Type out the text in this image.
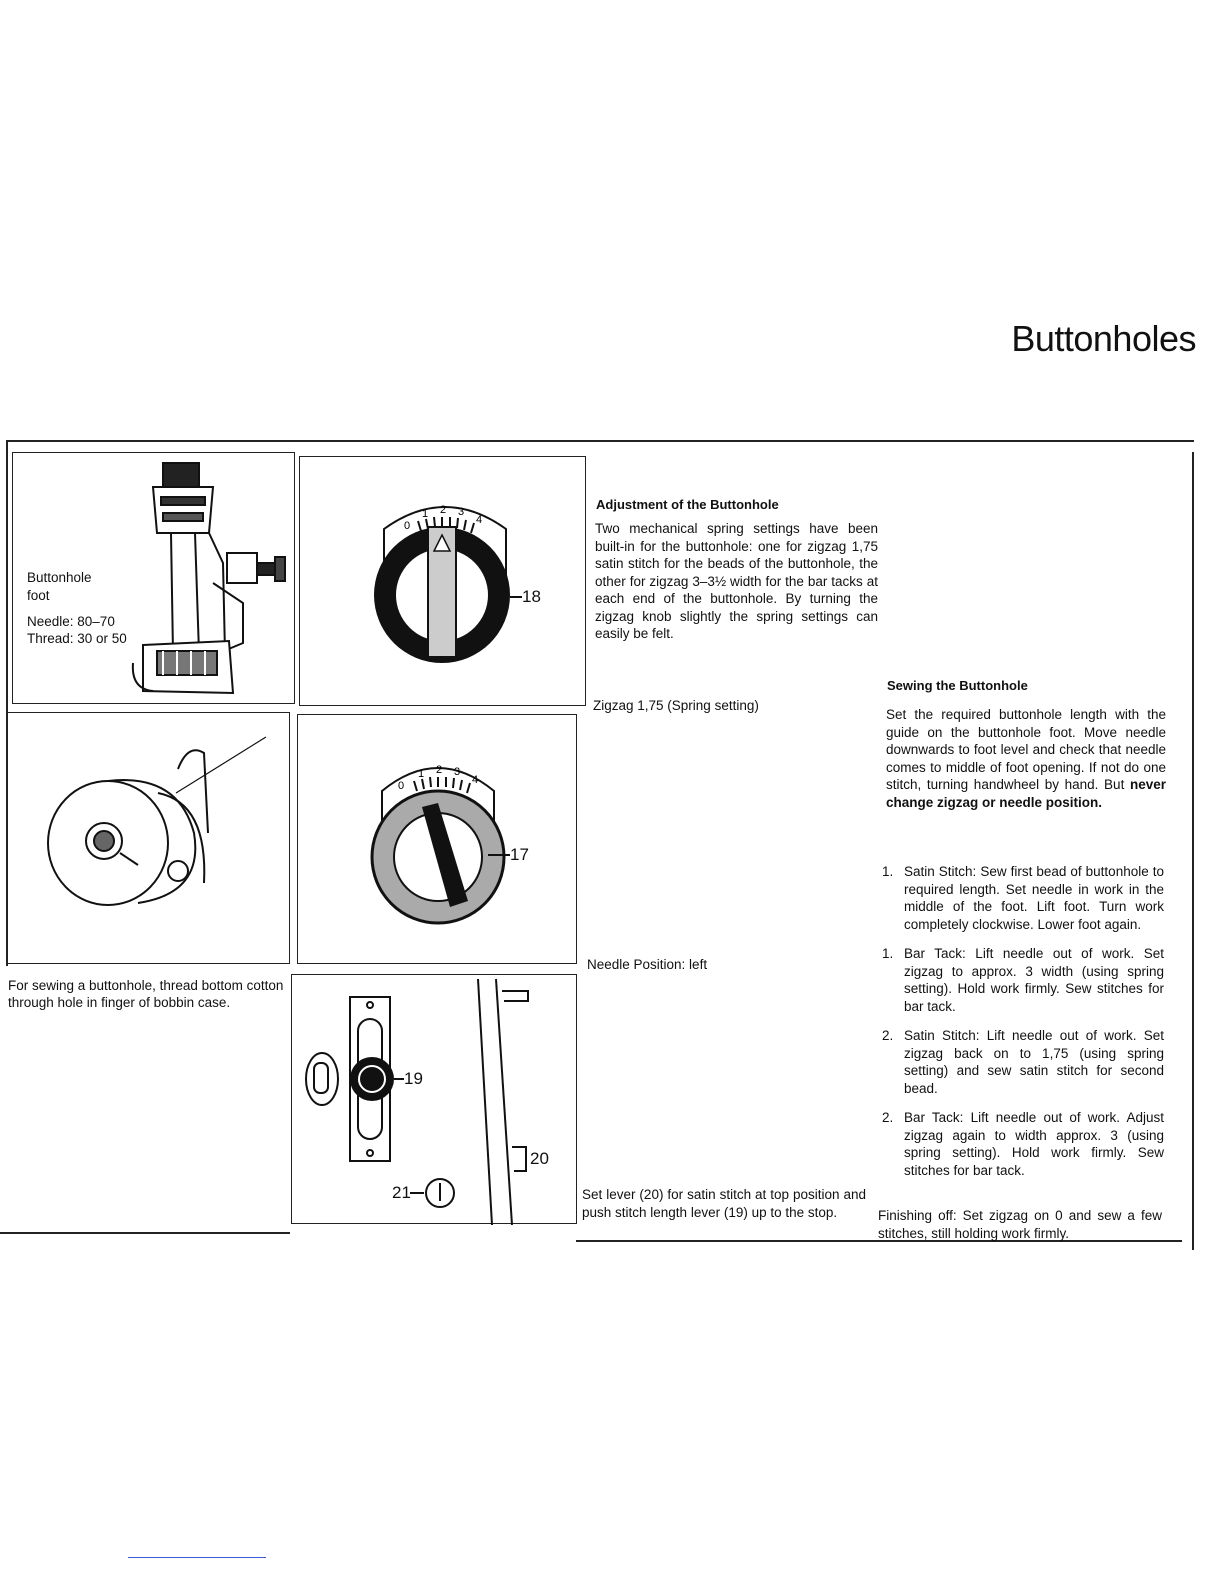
Buttonholes
Buttonhole
foot
Needle: 80–70
Thread: 30 or 50
0
1 2 3
4
18
0
1 2 3
4
17
For sewing a buttonhole, thread bottom cotton through hole in finger of bobbin case.
19
20
21
Zigzag 1,75 (Spring setting)
Needle Position: left
Set lever (20) for satin stitch at top position and push stitch length lever (19) up to the stop.
Adjustment of the Buttonhole
Two mechanical spring settings have been built-in for the buttonhole: one for zigzag 1,75 satin stitch for the beads of the buttonhole, the other for zigzag 3–3½ width for the bar tacks at each end of the buttonhole. By turning the zigzag knob slightly the spring settings can easily be felt.
Sewing the Buttonhole
Set the required buttonhole length with the guide on the buttonhole foot. Move needle downwards to foot level and check that needle comes to middle of foot opening. If not do one stitch, turning handwheel by hand. But never change zigzag or needle position.
1. Satin Stitch: Sew first bead of buttonhole to required length. Set needle in work in the middle of the foot. Lift foot. Turn work completely clockwise. Lower foot again.
1. Bar Tack: Lift needle out of work. Set zigzag to approx. 3 width (using spring setting). Hold work firmly. Sew stitches for bar tack.
2. Satin Stitch: Lift needle out of work. Set zigzag back on to 1,75 (using spring setting) and sew satin stitch for second bead.
2. Bar Tack: Lift needle out of work. Adjust zigzag again to width approx. 3 (using spring setting). Hold work firmly. Sew stitches for bar tack.
Finishing off: Set zigzag on 0 and sew a few stitches, still holding work firmly.
